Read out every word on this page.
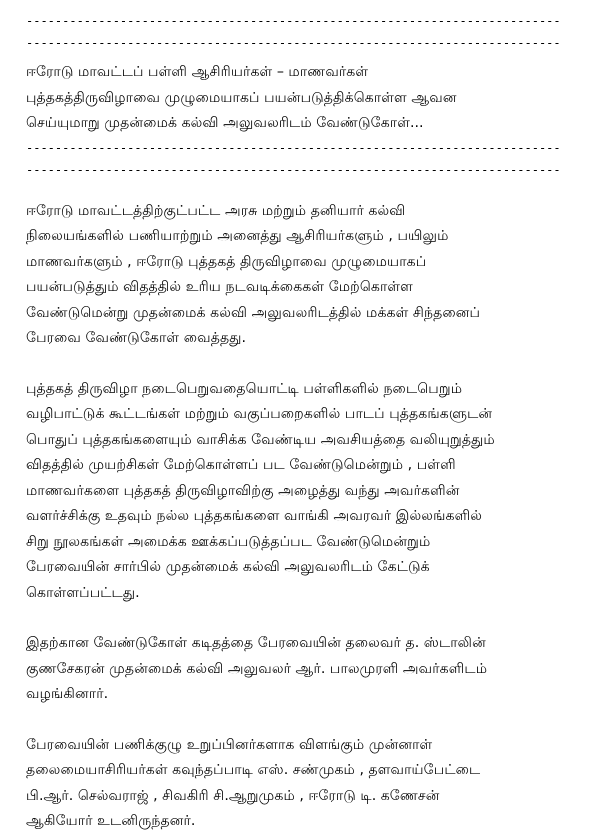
--------------------------------------------------------------------------
--------------------------------------------------------------------------
ஈரோடு மாவட்டப் பள்ளி ஆசிரியர்கள் – மாணவர்கள்
புத்தகத்திருவிழாவை முழுமையாகப் பயன்படுத்திக்கொள்ள ஆவன
செய்யுமாறு முதன்மைக் கல்வி அலுவலரிடம் வேண்டுகோள்...
--------------------------------------------------------------------------
--------------------------------------------------------------------------
ஈரோடு மாவட்டத்திற்குட்பட்ட அரசு மற்றும் தனியார் கல்வி
நிலையங்களில் பணியாற்றும் அனைத்து ஆசிரியர்களும் , பயிலும்
மாணவர்களும் , ஈரோடு புத்தகத் திருவிழாவை முழுமையாகப்
பயன்படுத்தும் விதத்தில் உரிய நடவடிக்கைகள் மேற்கொள்ள
வேண்டுமென்று முதன்மைக் கல்வி அலுவலரிடத்தில் மக்கள் சிந்தனைப்
பேரவை வேண்டுகோள் வைத்தது.
புத்தகத் திருவிழா நடைபெறுவதையொட்டி பள்ளிகளில் நடைபெறும்
வழிபாட்டுக் கூட்டங்கள் மற்றும் வகுப்பறைகளில் பாடப் புத்தகங்களுடன்
பொதுப் புத்தகங்களையும் வாசிக்க வேண்டிய அவசியத்தை வலியுறுத்தும்
விதத்தில் முயற்சிகள் மேற்கொள்ளப் பட வேண்டுமென்றும் , பள்ளி
மாணவர்களை புத்தகத் திருவிழாவிற்கு அழைத்து வந்து அவர்களின்
வளர்ச்சிக்கு உதவும் நல்ல புத்தகங்களை வாங்கி அவரவர் இல்லங்களில்
சிறு நூலகங்கள் அமைக்க ஊக்கப்படுத்தப்பட வேண்டுமென்றும்
பேரவையின் சார்பில் முதன்மைக் கல்வி அலுவலரிடம் கேட்டுக்
கொள்ளப்பட்டது.
இதற்கான வேண்டுகோள் கடிதத்தை பேரவையின் தலைவர் த. ஸ்டாலின்
குணசேகரன் முதன்மைக் கல்வி அலுவலர் ஆர். பாலமுரளி அவர்களிடம்
வழங்கினார்.
பேரவையின் பணிக்குழு உறுப்பினர்களாக விளங்கும் முன்னாள்
தலைமையாசிரியர்கள் கவுந்தப்பாடி எஸ். சண்முகம் , தளவாய்பேட்டை
பி.ஆர். செல்வராஜ் , சிவகிரி சி.ஆறுமுகம் , ஈரோடு டி. கணேசன்
ஆகியோர் உடனிருந்தனர்.
